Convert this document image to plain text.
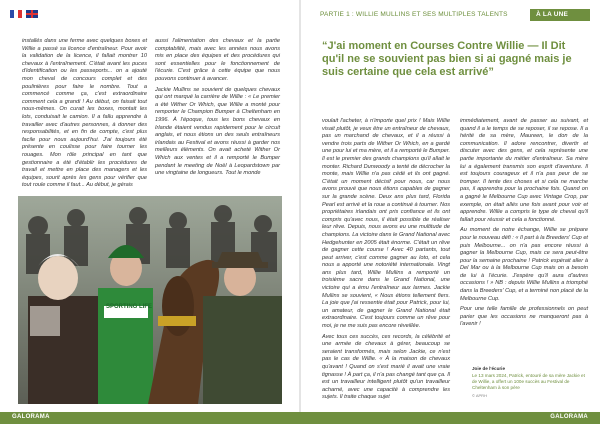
PARTIE 1 : WILLIE MULLINS ET SES MULTIPLES TALENTS	À LA UNE

installés dans une ferme avec quelques boxes et Willie a passé sa licence d'entraîneur. Pour avoir la validation de la licence, il fallait montrer 10 chevaux à l'entraînement. C'était avant les puces d'identification ou les passeports... on a ajouté mon cheval de concours complet et des poulinières pour faire le nombre. Tout a commencé comme ça, c'est extraordinaire comment cela a grandi ! Au début, on faisait tout nous-mêmes. On curait les boxes, montait les lots, conduisait le camion. Il a fallu apprendre à travailler avec d'autres personnes, à donner des responsabilités, et en fin de compte, c'est plus facile pour nous aujourd'hui. J'ai toujours été présente en coulisse pour faire tourner les rouages. Mon rôle principal en tant que gestionnaire a été d'établir les procédures de travail et mettre en place des managers et les équipes, sourit après les gens pour vérifier que tout roule comme il faut... Au début, je gérais

aussi l'alimentation des chevaux et la partie comptabilité, mais avec les années nous avons mis en place des équipes et des procédures qui sont essentielles pour le fonctionnement de l'écurie. C'est grâce à cette équipe que nous pouvons continuer à avancer.

Jackie Mullins se souvient de quelques chevaux qui ont marqué la carrière de Willie : « Le premier a été Wither Or Which, que Willie a monté pour remporter le Champion Bumper à Cheltenham en 1996. À l'époque, tous les bons chevaux en Irlande étaient vendus rapidement pour le circuit anglais, et nous étions un des seuls entraîneurs irlandais au Festival et avons réussi à garder nos meilleurs éléments. On avait acheté Wither Or Which aux ventes et il a remporté le Bumper pendant le meeting de Noël à Leopardstown par une vingtaine de longueurs. Tout le monde

SPORTING LIFE
“J'ai moment en Courses Contre Willie — Il Dit qu'il ne se souvient pas bien si ai gagné mais je suis certaine que cela est arrivé”

voulait l'acheter, à n'importe quel prix ! Mais Willie visait plutôt, je veux être un entraîneur de chevaux, pas un marchand de chevaux, et il a réussi à vendre trois parts de Wither Or Which, en a gardé une pour lui et ma mère, et il a remporté le Bumper. Il est le premier des grands champions qu'il allait le monter. Richard Dunwoody a tenté de décrocher la monte, mais Willie n'a pas cédé et ils ont gagné. C'était un moment décisif pour nous, car nous avons prouvé que nous étions capables de gagner sur la grande scène. Deux ans plus tard, Florida Pearl est arrivé et la roue a continué à tourner. Nos propriétaires irlandais ont pris confiance et ils ont compris qu'avec nous, il était possible de réaliser leur rêve. Depuis, nous avons eu une multitude de champions. La victoire dans le Grand National avec Hedgehunter en 2005 était énorme. C'était un rêve de gagner cette course ! Avec 40 partants, tout peut arriver, c'est comme gagner au loto, et cela nous a apporté une notoriété internationale. Vingt ans plus tard, Willie Mullins a remporté un troisième sacre dans le Grand National, une victoire qui a ému l'entraîneur aux larmes. Jackie Mullins se souvient, « Nous étions tellement fiers. La joie que j'ai ressentie était pour Patrick, pour lui, un amateur, de gagner le Grand National était extraordinaire. C'est toujours comme un rêve pour moi, je ne me suis pas encore réveillée.

Avec tous ces succès, ces records, la célébrité et une armée de chevaux à gérer, beaucoup se seraient transformés, mais selon Jackie, ce n'est pas le cas de Willie. « À la maison de chevaux qu'avant ! Quand on s'est marié il avait une vraie tignasse ! À part ça, il n'a pas changé tant que ça. Il est un travailleur intelligent plutôt qu'un travailleur acharné, avec une capacité à comprendre les sujets. Il traite chaque sujet

immédiatement, avant de passer au suivant, et quand il a le temps de se reposer, il se repose. Il a hérité de sa mère, Maureen, le don de la communication. Il adore rencontrer, divertir et discuter avec des gens, et cela représente une partie importante du métier d'entraîneur. Sa mère lui a également transmis son esprit d'aventure. Il est toujours courageux et il n'a pas peur de se tromper. Il tente des choses et si cela ne marche pas, il apprendra pour la prochaine fois. Quand on a gagné le Melbourne Cup avec Vintage Crop, par exemple, on était allés une fois avant pour voir et apprendre. Willie a compris le type de cheval qu'il fallait pour réussir et cela a fonctionné.

Au moment de notre échange, Willie se prépare pour le nouveau défi : « Il part à la Breeders' Cup et puis Melbourne... on n'a pas encore réussi à gagner la Melbourne Cup, mais ce sera peut-être pour la semaine prochaine ! Patrick espérait aller à Del Mar ou à la Melbourne Cup mais on a besoin de lui à l'écurie. J'espère qu'il aura d'autres occasions ! » NB : depuis Willie Mullins a triomphé dans la Breeders' Cup, et a terminé non placé de la Melbourne Cup.

Pour une telle famille de professionnels on peut parier que les occasions ne manqueront pas à l'avenir !

Joie de l'écurie
Le 13 mars 2024, Patrick, entouré de sa mère Jackie et de Willie, a offert un 100e succès au Festival de Cheltenham à son père
© APRH
GALORAMA	GALORAMA
